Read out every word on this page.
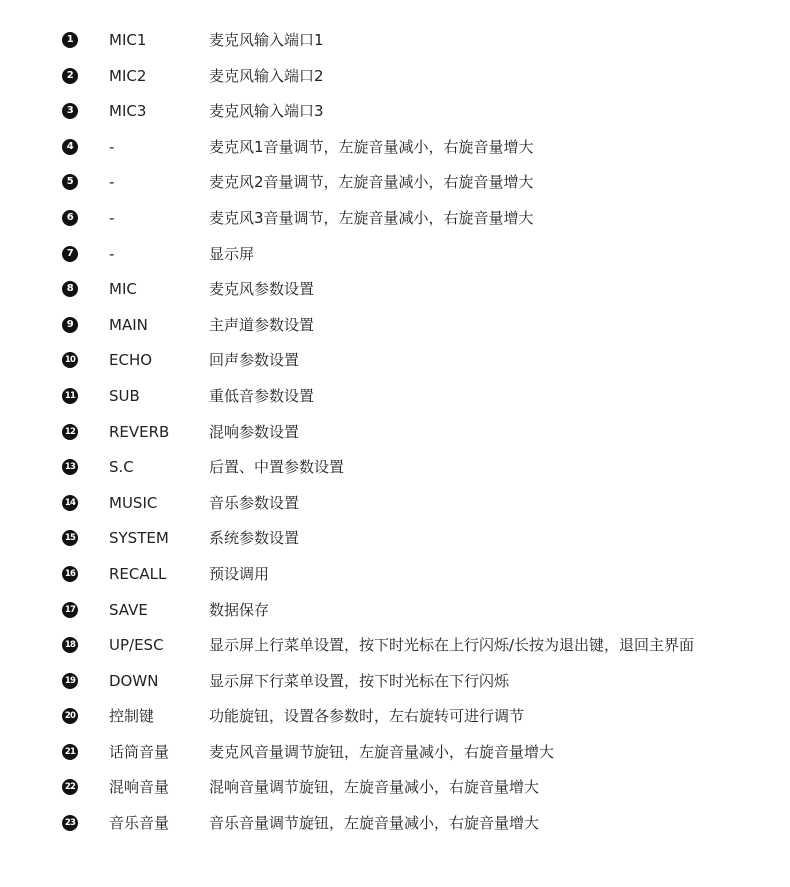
1	MIC1	麦克风输入端口1
2	MIC2	麦克风输入端口2
3	MIC3	麦克风输入端口3
4	-	麦克风1音量调节，左旋音量减小，右旋音量增大
5	-	麦克风2音量调节，左旋音量减小，右旋音量增大
6	-	麦克风3音量调节，左旋音量减小，右旋音量增大
7	-	显示屏
8	MIC	麦克风参数设置
9	MAIN	主声道参数设置
10 ECHO	回声参数设置
11 SUB	重低音参数设置
12 REVERB	混响参数设置
13 S.C	后置、中置参数设置
14 MUSIC	音乐参数设置
15 SYSTEM	系统参数设置
16 RECALL	预设调用
17 SAVE	数据保存
18 UP/ESC	显示屏上行菜单设置，按下时光标在上行闪烁/长按为退出键，退回主界面
19 DOWN	显示屏下行菜单设置，按下时光标在下行闪烁
20 控制键	功能旋钮，设置各参数时，左右旋转可进行调节
21 话筒音量	麦克风音量调节旋钮，左旋音量减小，右旋音量增大
22 混响音量	混响音量调节旋钮，左旋音量减小，右旋音量增大
23 音乐音量	音乐音量调节旋钮，左旋音量减小，右旋音量增大
